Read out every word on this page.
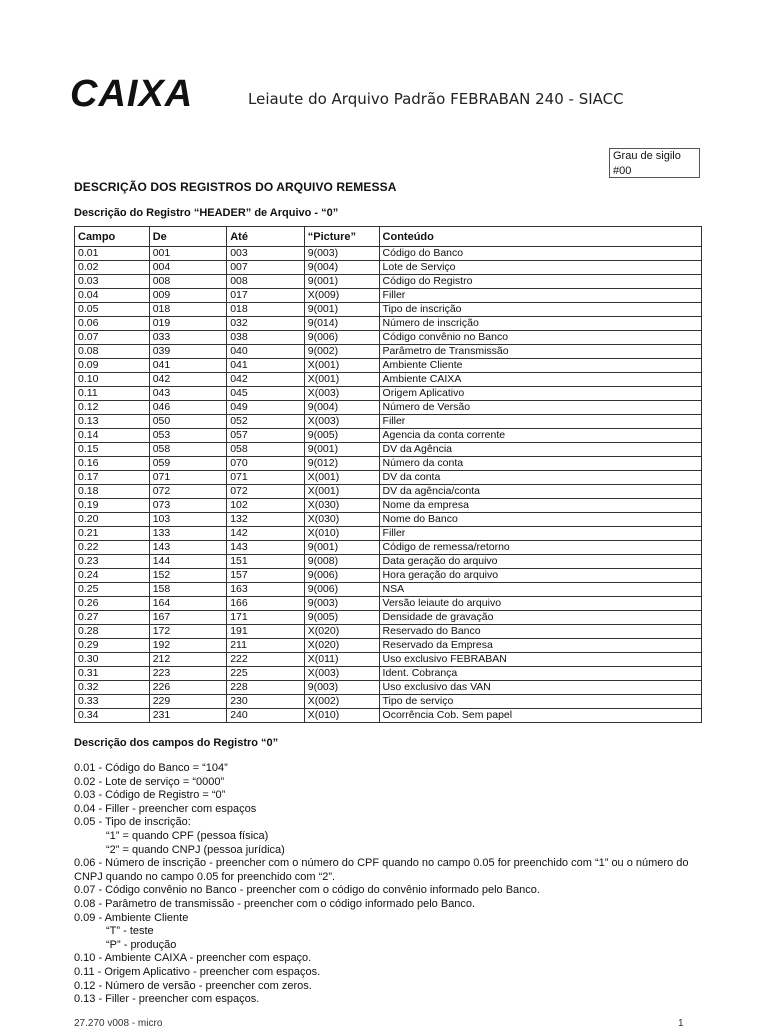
CAIXA	Leiaute do Arquivo Padrão FEBRABAN 240 - SIACC
Grau de sigilo
#00
DESCRIÇÃO DOS REGISTROS DO ARQUIVO REMESSA
Descrição do Registro “HEADER” de Arquivo - “0”
Campo	De	Até	“Picture”	Conteúdo
0.01	001	003	9(003)	Código do Banco
0.02	004	007	9(004)	Lote de Serviço
0.03	008	008	9(001)	Código do Registro
0.04	009	017	X(009)	Filler
0.05	018	018	9(001)	Tipo de inscrição
0.06	019	032	9(014)	Número de inscrição
0.07	033	038	9(006)	Código convênio no Banco
0.08	039	040	9(002)	Parâmetro de Transmissão
0.09	041	041	X(001)	Ambiente Cliente
0.10	042	042	X(001)	Ambiente CAIXA
0.11	043	045	X(003)	Origem Aplicativo
0.12	046	049	9(004)	Número de Versão
0.13	050	052	X(003)	Filler
0.14	053	057	9(005)	Agencia da conta corrente
0.15	058	058	9(001)	DV da Agência
0.16	059	070	9(012)	Número da conta
0.17	071	071	X(001)	DV da conta
0.18	072	072	X(001)	DV da agência/conta
0.19	073	102	X(030)	Nome da empresa
0.20	103	132	X(030)	Nome do Banco
0.21	133	142	X(010)	Filler
0.22	143	143	9(001)	Código de remessa/retorno
0.23	144	151	9(008)	Data geração do arquivo
0.24	152	157	9(006)	Hora geração do arquivo
0.25	158	163	9(006)	NSA
0.26	164	166	9(003)	Versão leiaute do arquivo
0.27	167	171	9(005)	Densidade de gravação
0.28	172	191	X(020)	Reservado do Banco
0.29	192	211	X(020)	Reservado da Empresa
0.30	212	222	X(011)	Uso exclusivo FEBRABAN
0.31	223	225	X(003)	Ident. Cobrança
0.32	226	228	9(003)	Uso exclusivo das VAN
0.33	229	230	X(002)	Tipo de serviço
0.34	231	240	X(010)	Ocorrência Cob. Sem papel
Descrição dos campos do Registro “0”
0.01 - Código do Banco = “104”
0.02 - Lote de serviço = “0000”
0.03 - Código de Registro = “0”
0.04 - Filler - preencher com espaços
0.05 - Tipo de inscrição:
“1” = quando CPF (pessoa física)
“2” = quando CNPJ (pessoa jurídica)
0.06 - Número de inscrição - preencher com o número do CPF quando no campo 0.05 for preenchido com “1” ou o número do CNPJ quando no campo 0.05 for preenchido com “2”.
0.07 - Código convênio no Banco - preencher com o código do convênio informado pelo Banco.
0.08 - Parâmetro de transmissão - preencher com o código informado pelo Banco.
0.09 - Ambiente Cliente
“T” - teste
“P” - produção
0.10 - Ambiente CAIXA - preencher com espaço.
0.11 - Origem Aplicativo - preencher com espaços.
0.12 - Número de versão - preencher com zeros.
0.13 - Filler - preencher com espaços.
27.270 v008 - micro	1
